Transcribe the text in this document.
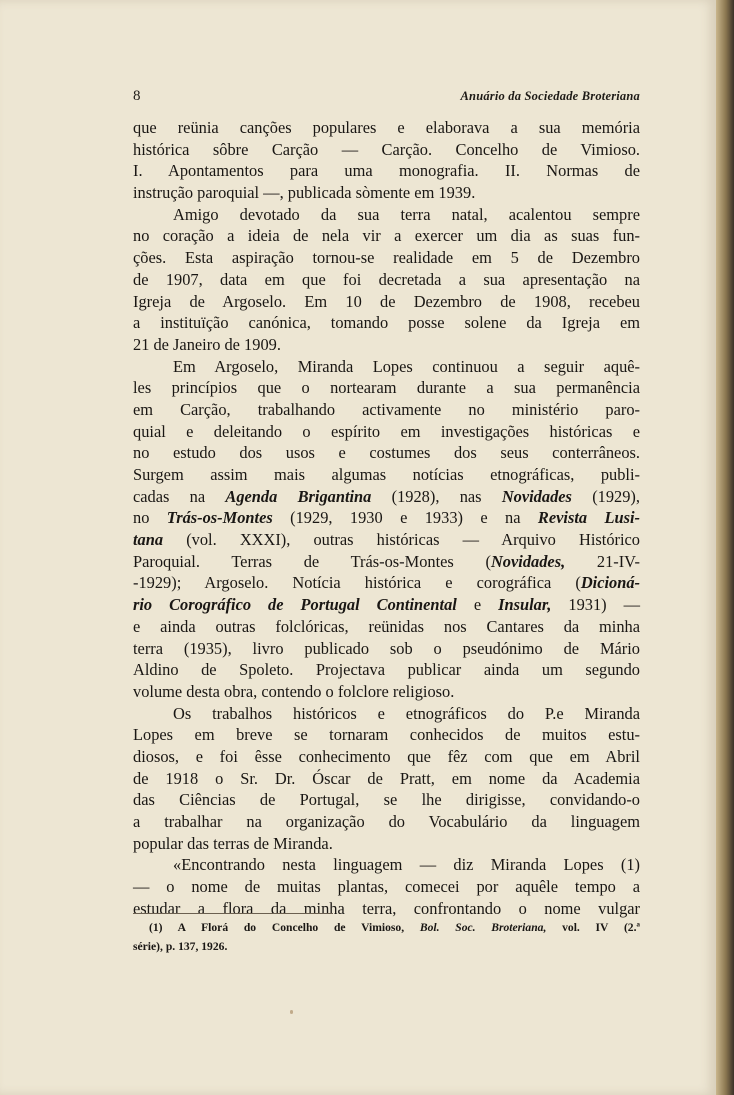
8	Anuário da Sociedade Broteriana
que reünia canções populares e elaborava a sua memória
histórica sôbre Carção — Carção. Concelho de Vimioso.
I. Apontamentos para uma monografia. II. Normas de
instrução paroquial —, publicada sòmente em 1939.
Amigo devotado da sua terra natal, acalentou sempre
no coração a ideia de nela vir a exercer um dia as suas fun-
ções. Esta aspiração tornou-se realidade em 5 de Dezembro
de 1907, data em que foi decretada a sua apresentação na
Igreja de Argoselo. Em 10 de Dezembro de 1908, recebeu
a instituïção canónica, tomando posse solene da Igreja em
21 de Janeiro de 1909.
Em Argoselo, Miranda Lopes continuou a seguir aquê-
les princípios que o nortearam durante a sua permanência
em Carção, trabalhando activamente no ministério paro-
quial e deleitando o espírito em investigações históricas e
no estudo dos usos e costumes dos seus conterrâneos.
Surgem assim mais algumas notícias etnográficas, publi-
cadas na Agenda Brigantina (1928), nas Novidades (1929),
no Trás-os-Montes (1929, 1930 e 1933) e na Revista Lusi-
tana (vol. XXXI), outras históricas — Arquivo Histórico
Paroquial. Terras de Trás-os-Montes (Novidades, 21-IV-
-1929); Argoselo. Notícia histórica e corográfica (Dicioná-
rio Corográfico de Portugal Continental e Insular, 1931) —
e ainda outras folclóricas, reünidas nos Cantares da minha
terra (1935), livro publicado sob o pseudónimo de Mário
Aldino de Spoleto. Projectava publicar ainda um segundo
volume desta obra, contendo o folclore religioso.
Os trabalhos históricos e etnográficos do P.e Miranda
Lopes em breve se tornaram conhecidos de muitos estu-
diosos, e foi êsse conhecimento que fêz com que em Abril
de 1918 o Sr. Dr. Óscar de Pratt, em nome da Academia
das Ciências de Portugal, se lhe dirigisse, convidando-o
a trabalhar na organização do Vocabulário da linguagem
popular das terras de Miranda.
«Encontrando nesta linguagem — diz Miranda Lopes (1)
— o nome de muitas plantas, comecei por aquêle tempo a
estudar a flora da minha terra, confrontando o nome vulgar
(1) A Florá do Concelho de Vimioso, Bol. Soc. Broteriana, vol. IV (2.ª
série), p. 137, 1926.
